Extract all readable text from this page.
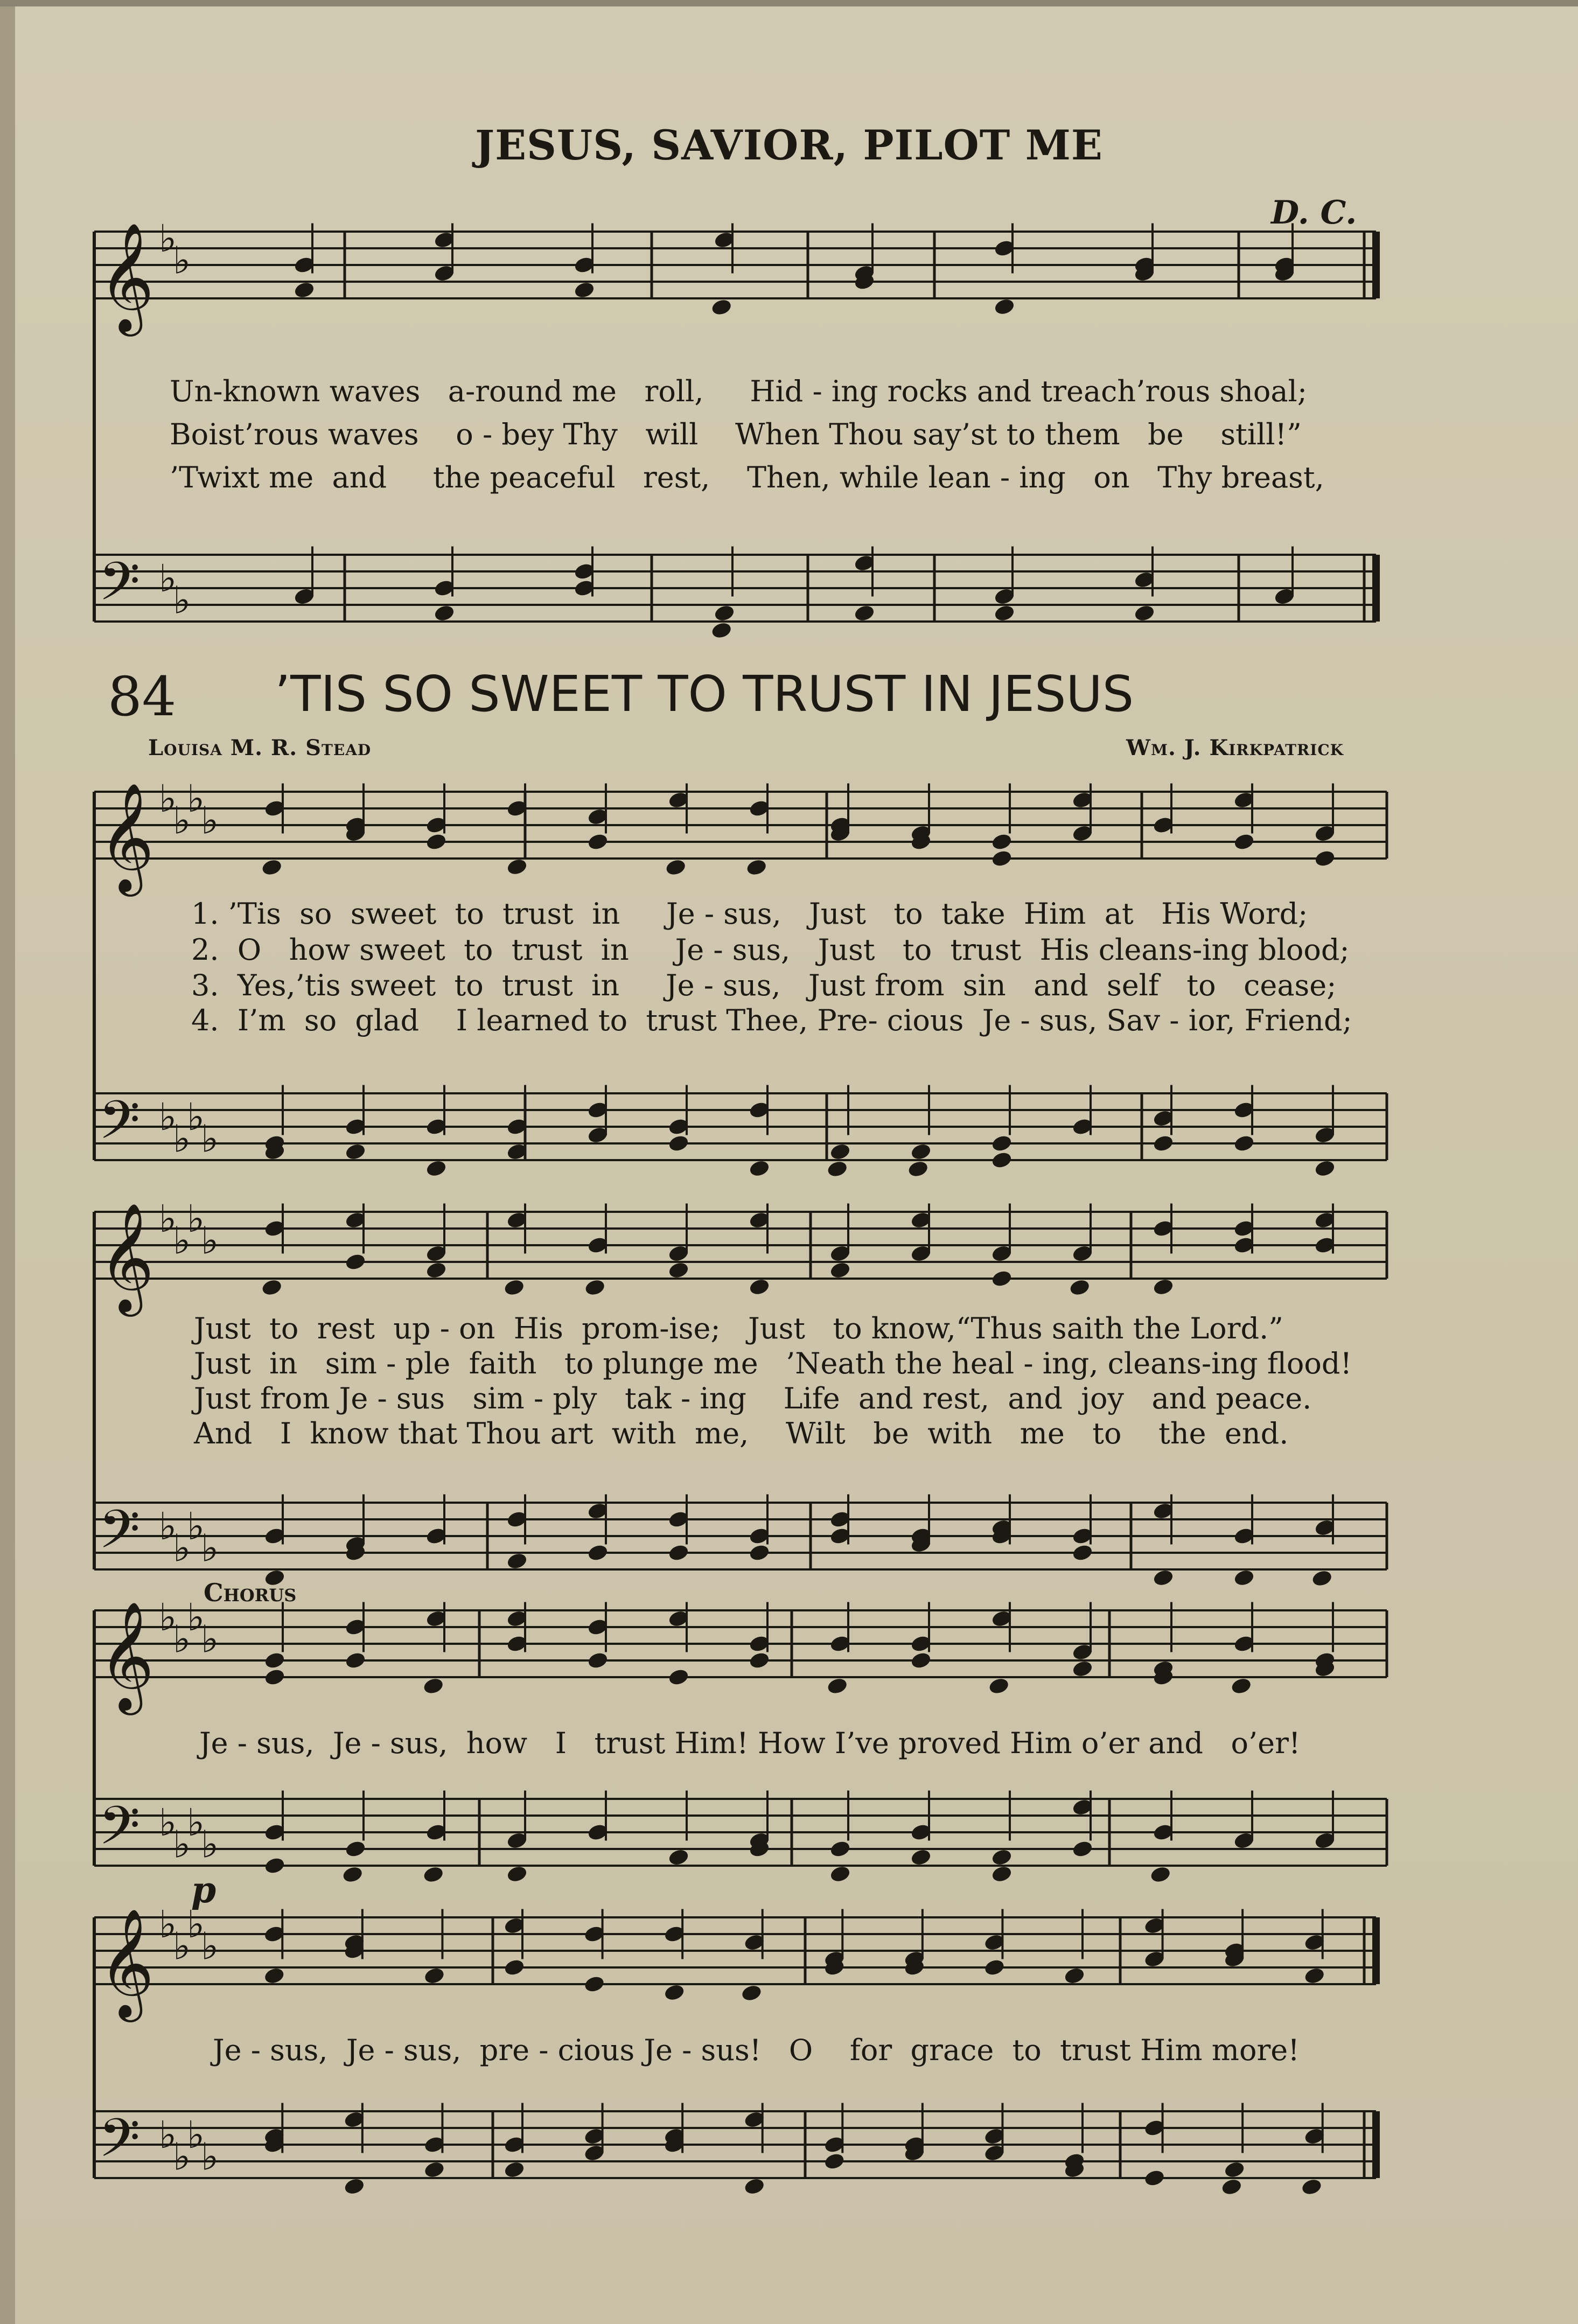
𝄞 ♭
♭
𝄢 ♭
♭
𝄞 ♭
♭
♭
♭
𝄢 ♭
♭
♭
♭
𝄞 ♭
♭
♭
♭
𝄢 ♭
♭
♭
♭
𝄞 ♭
♭
♭
♭
𝄢 ♭
♭
♭
♭
𝄞 ♭
♭
♭
♭
𝄢 ♭
♭
♭
♭
JESUS, SAVIOR, PILOT ME
D. C.
Un-known waves   a-round me   roll,     Hid - ing rocks and treach’rous shoal;
Boist’rous waves    o - bey Thy   will    When Thou say’st to them   be    still!”
’Twixt me  and     the peaceful   rest,    Then, while lean - ing   on   Thy breast,
84 ’TIS SO SWEET TO TRUST IN JESUS
Louisa M. R. Stead	Wm. J. Kirkpatrick
1. ’Tis  so  sweet  to  trust  in     Je - sus,   Just   to  take  Him  at   His Word;
2.  O   how sweet  to  trust  in     Je - sus,   Just   to  trust  His cleans-ing blood;
3.  Yes,’tis sweet  to  trust  in     Je - sus,   Just from  sin   and  self   to   cease;
4.  I’m  so  glad    I learned to  trust Thee, Pre- cious  Je - sus, Sav - ior, Friend;
Just  to  rest  up - on  His  prom-ise;   Just   to know,“Thus saith the Lord.”
Just  in   sim - ple  faith   to plunge me   ’Neath the heal - ing, cleans-ing flood!
Just from Je - sus   sim - ply   tak - ing    Life  and rest,  and  joy   and peace.
And   I  know that Thou art  with  me,    Wilt   be  with   me   to    the  end.
Chorus
Je - sus,  Je - sus,  how   I   trust Him! How I’ve proved Him o’er and   o’er!
p
Je - sus,  Je - sus,  pre - cious Je - sus!   O    for  grace  to  trust Him more!
